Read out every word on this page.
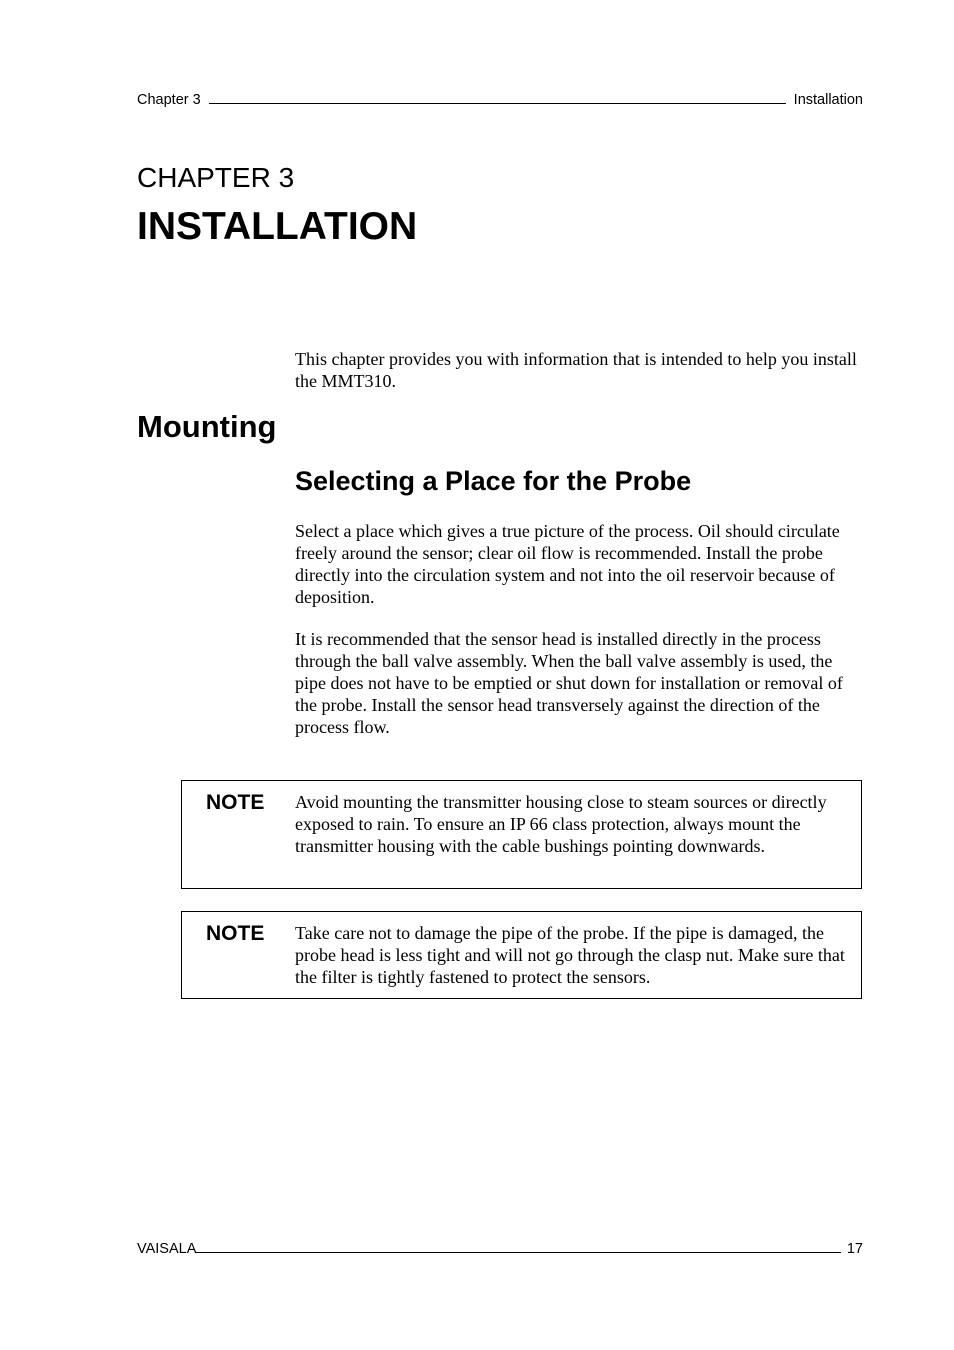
Chapter 3	Installation
CHAPTER 3
INSTALLATION

This chapter provides you with information that is intended to help you install the MMT310.

Mounting
Selecting a Place for the Probe

Select a place which gives a true picture of the process. Oil should circulate freely around the sensor; clear oil flow is recommended. Install the probe directly into the circulation system and not into the oil reservoir because of deposition.

It is recommended that the sensor head is installed directly in the process through the ball valve assembly. When the ball valve assembly is used, the pipe does not have to be emptied or shut down for installation or removal of the probe. Install the sensor head transversely against the direction of the process flow.

NOTE Avoid mounting the transmitter housing close to steam sources or directly exposed to rain. To ensure an IP 66 class protection, always mount the transmitter housing with the cable bushings pointing downwards.
NOTE Take care not to damage the pipe of the probe. If the pipe is damaged, the probe head is less tight and will not go through the clasp nut. Make sure that the filter is tightly fastened to protect the sensors.
VAISALA	17
